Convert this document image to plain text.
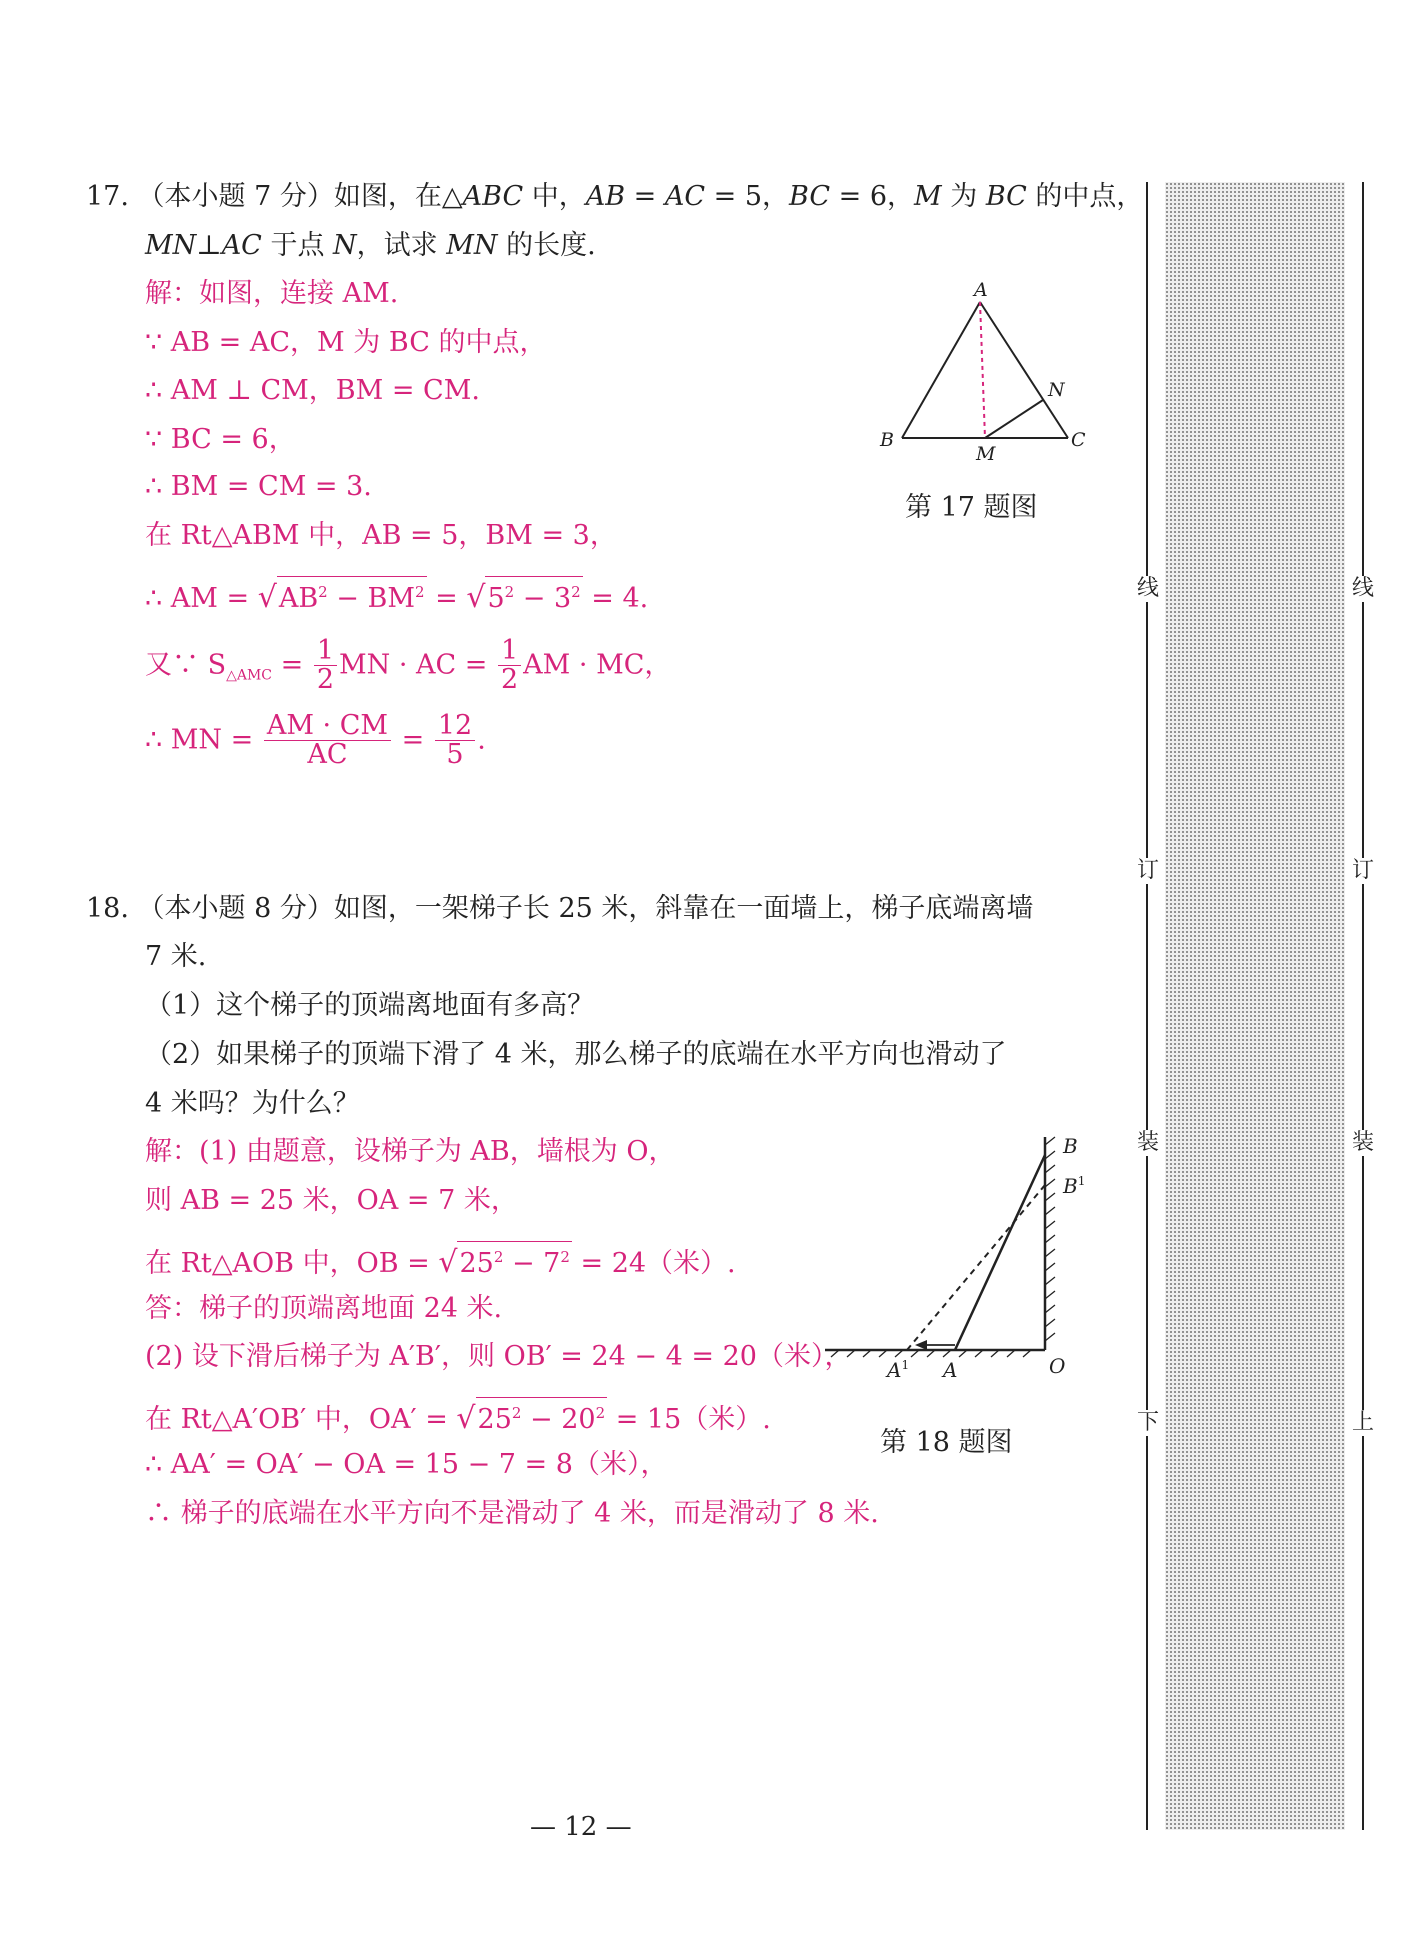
17. （本小题 7 分）如图，在△ABC 中，AB = AC = 5，BC = 6，M 为 BC 的中点，
MN⊥AC 于点 N，试求 MN 的长度.
解：如图，连接 AM.
∵ AB = AC，M 为 BC 的中点，
∴ AM ⊥ CM，BM = CM.
∵ BC = 6，
∴ BM = CM = 3.
在 Rt△ABM 中，AB = 5，BM = 3，
∴ AM = $√AB^2 - BM^2 = √5^2 - 3^2 = 4$.
又∵ $S_{\triangle AMC} = \frac{1}{2}$ MN · AC = $\frac{1}{2}$ AM · MC，
∴ MN = $\frac{AM \cdot CM}{AC} = \frac{12}{5}$ .
A
B	C
M
N
第 17 题图
18. （本小题 8 分）如图，一架梯子长 25 米，斜靠在一面墙上，梯子底端离墙
7 米.
（1）这个梯子的顶端离地面有多高？
（2）如果梯子的顶端下滑了 4 米，那么梯子的底端在水平方向也滑动了
4 米吗？为什么？
解：(1) 由题意，设梯子为 AB，墙根为 O，
则 AB = 25 米，OA = 7 米，
在 Rt△AOB 中，OB = $√25^2 - 7^2 = 24$（米）.
答：梯子的顶端离地面 24 米.
(2) 设下滑后梯子为 A′B′，则 OB′ = 24 − 4 = 20（米），
在 Rt△A′OB′ 中，$OA' = √25^2 - 20^2 = 15$（米）.
∴ AA′ = OA′ − OA = 15 − 7 = 8（米），
∴ 梯子的底端在水平方向不是滑动了 4 米，而是滑动了 8 米.
B
$B^1$
O
A
$A^1$
第 18 题图
线
订
装
下
线
订
装
上
— 12 —
